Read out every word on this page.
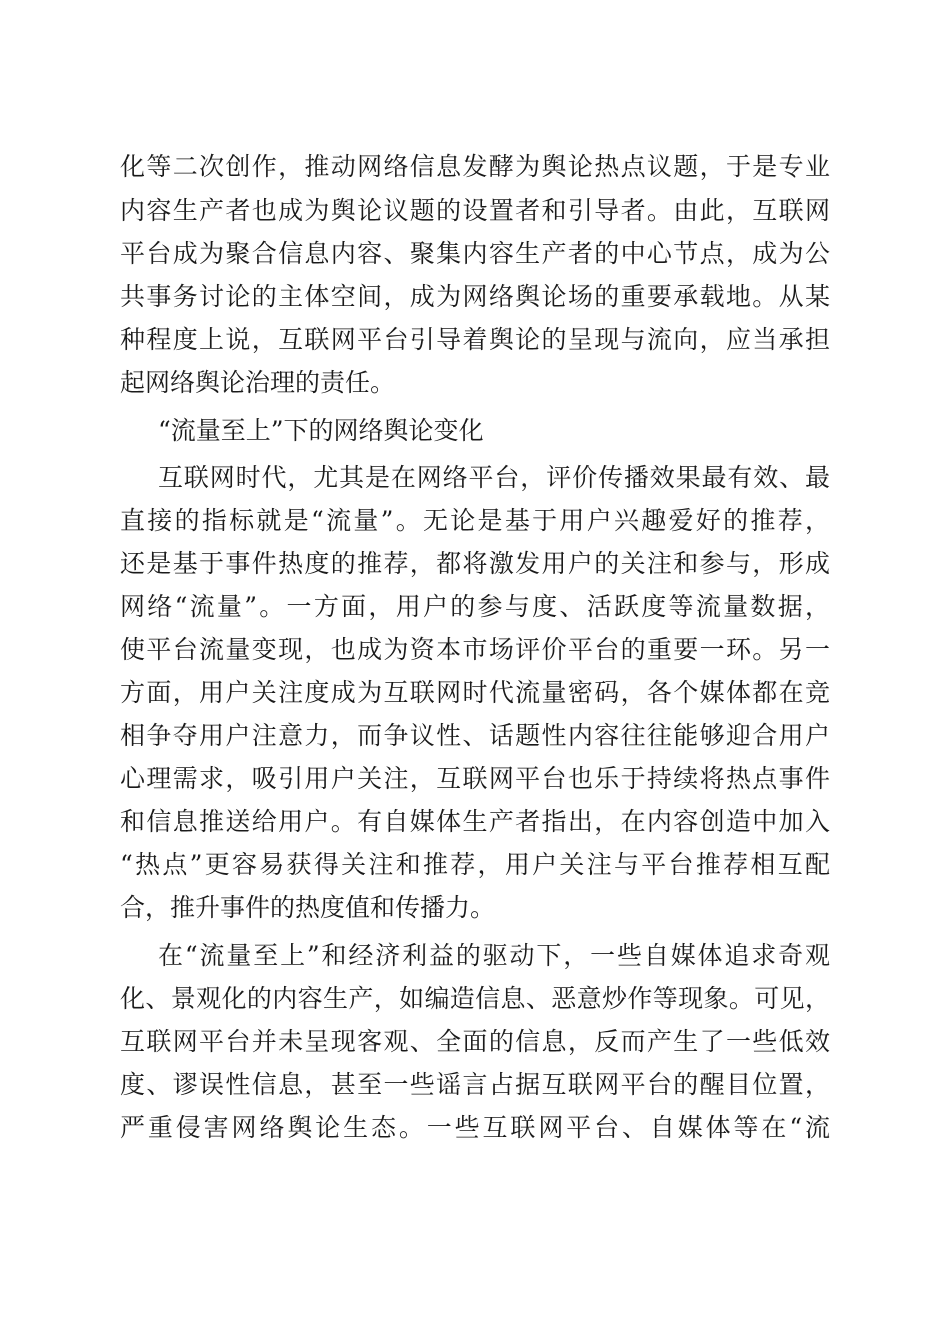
化等二次创作，推动网络信息发酵为舆论热点议题，于是专业
内容生产者也成为舆论议题的设置者和引导者。由此，互联网
平台成为聚合信息内容、聚集内容生产者的中心节点，成为公
共事务讨论的主体空间，成为网络舆论场的重要承载地。从某
种程度上说，互联网平台引导着舆论的呈现与流向，应当承担
起网络舆论治理的责任。
“流量至上”下的网络舆论变化
互联网时代，尤其是在网络平台，评价传播效果最有效、最
直接的指标就是“流量”。无论是基于用户兴趣爱好的推荐，
还是基于事件热度的推荐，都将激发用户的关注和参与，形成
网络“流量”。一方面，用户的参与度、活跃度等流量数据，
使平台流量变现，也成为资本市场评价平台的重要一环。另一
方面，用户关注度成为互联网时代流量密码，各个媒体都在竞
相争夺用户注意力，而争议性、话题性内容往往能够迎合用户
心理需求，吸引用户关注，互联网平台也乐于持续将热点事件
和信息推送给用户。有自媒体生产者指出，在内容创造中加入
“热点”更容易获得关注和推荐，用户关注与平台推荐相互配
合，推升事件的热度值和传播力。
在“流量至上”和经济利益的驱动下，一些自媒体追求奇观
化、景观化的内容生产，如编造信息、恶意炒作等现象。可见，
互联网平台并未呈现客观、全面的信息，反而产生了一些低效
度、谬误性信息，甚至一些谣言占据互联网平台的醒目位置，
严重侵害网络舆论生态。一些互联网平台、自媒体等在“流
